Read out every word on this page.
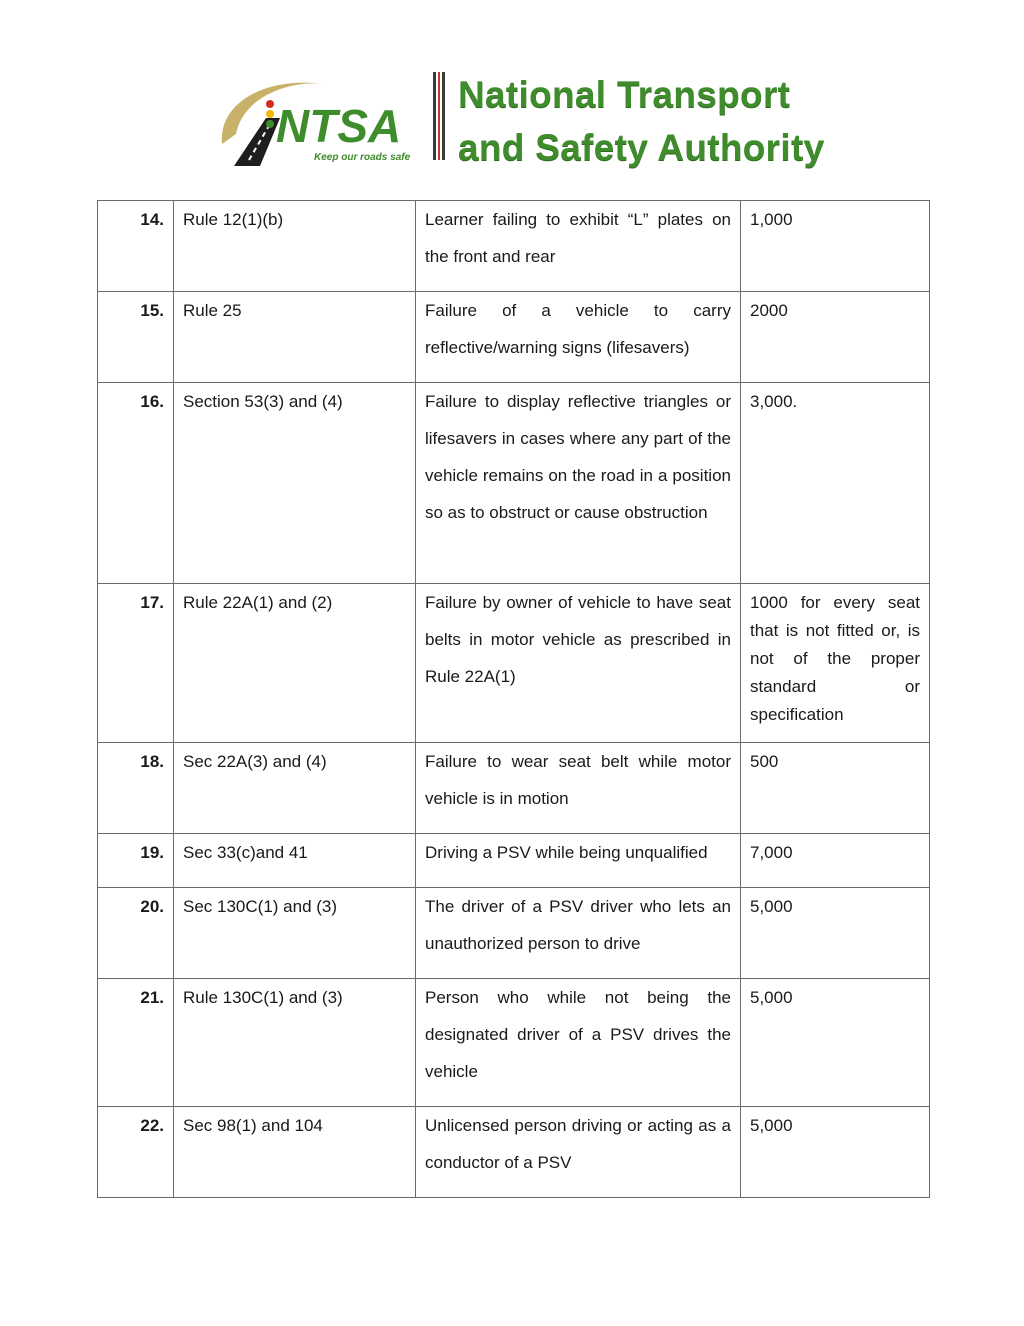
NTSA
Keep our roads safe
National Transport
and Safety Authority
14.	Rule 12(1)(b)	Learner failing to exhibit “L” plates on the front and rear	1,000
15.	Rule 25	Failure of a vehicle to carry reflective/warning signs (lifesavers)	2000
16.	Section 53(3) and (4)	Failure to display reflective triangles or lifesavers in cases where any part of the vehicle remains on the road in a position so as to obstruct or cause obstruction	3,000.
17.	Rule 22A(1) and (2)	Failure by owner of vehicle to have seat belts in motor vehicle as prescribed in Rule 22A(1)	1000 for every seat that is not fitted or, is not of the proper standard or specification
18.	Sec 22A(3) and (4)	Failure to wear seat belt while motor vehicle is in motion	500
19.	Sec 33(c)and 41	Driving a PSV while being unqualified	7,000
20.	Sec 130C(1) and (3)	The driver of a PSV driver who lets an unauthorized person to drive	5,000
21.	Rule 130C(1) and (3)	Person who while not being the designated driver of a PSV drives the vehicle	5,000
22.	Sec 98(1) and 104	Unlicensed person driving or acting as a conductor of a PSV	5,000
